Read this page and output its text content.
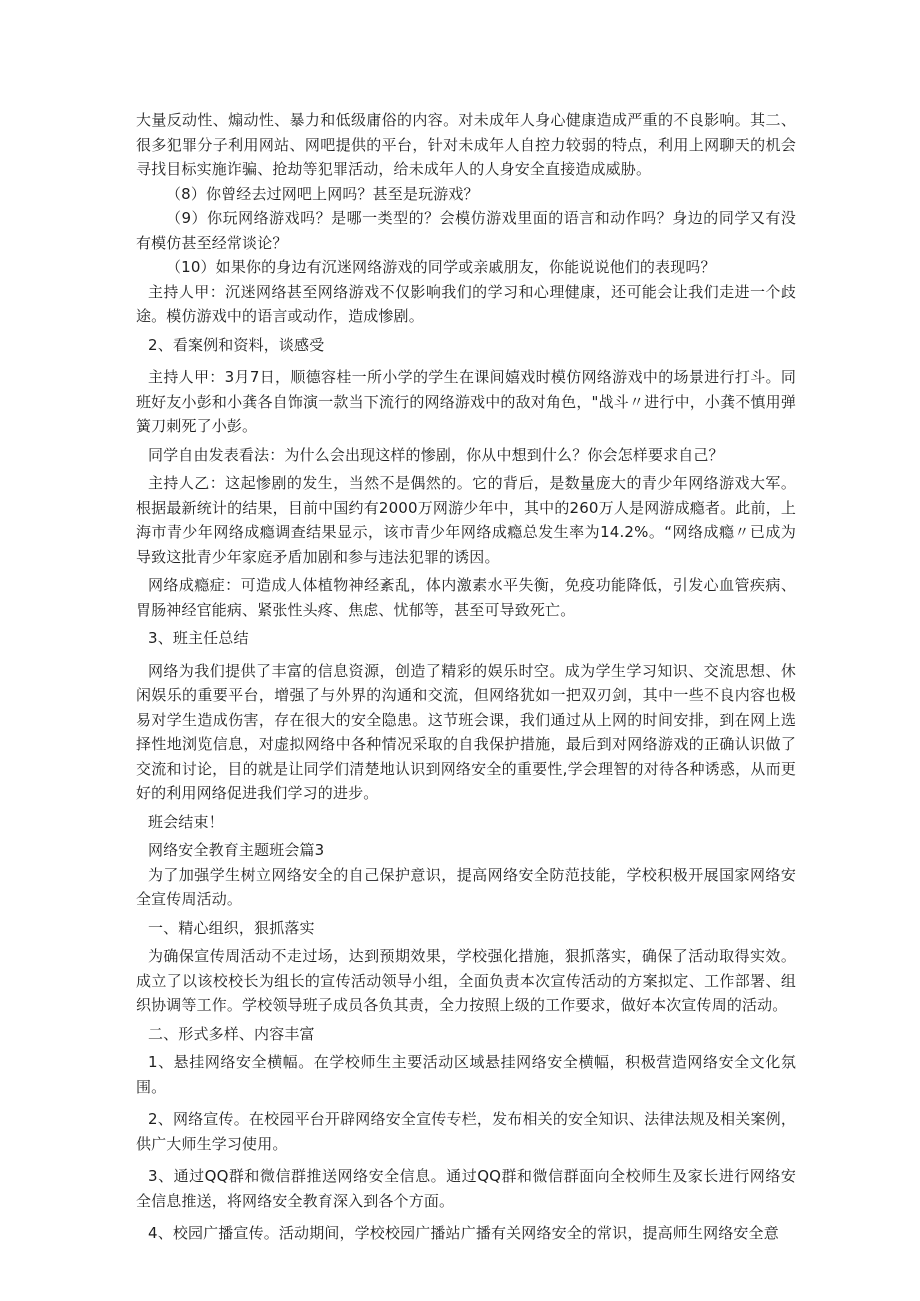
大量反动性、煽动性、暴力和低级庸俗的内容。对未成年人身心健康造成严重的不良影响。其二、很多犯罪分子利用网站、网吧提供的平台，针对未成年人自控力较弱的特点，利用上网聊天的机会寻找目标实施诈骗、抢劫等犯罪活动，给未成年人的人身安全直接造成威胁。

（8）你曾经去过网吧上网吗？甚至是玩游戏？

（9）你玩网络游戏吗？是哪一类型的？会模仿游戏里面的语言和动作吗？身边的同学又有没有模仿甚至经常谈论？

（10）如果你的身边有沉迷网络游戏的同学或亲戚朋友，你能说说他们的表现吗？

主持人甲：沉迷网络甚至网络游戏不仅影响我们的学习和心理健康，还可能会让我们走进一个歧途。模仿游戏中的语言或动作，造成惨剧。

2、看案例和资料，谈感受

主持人甲：3月7日，顺德容桂一所小学的学生在课间嬉戏时模仿网络游戏中的场景进行打斗。同班好友小彭和小龚各自饰演一款当下流行的网络游戏中的敌对角色，"战斗〃进行中，小龚不慎用弹簧刀刺死了小彭。

同学自由发表看法：为什么会出现这样的惨剧，你从中想到什么？你会怎样要求自己？

主持人乙：这起惨剧的发生，当然不是偶然的。它的背后，是数量庞大的青少年网络游戏大军。根据最新统计的结果，目前中国约有2000万网游少年中，其中的260万人是网游成瘾者。此前，上海市青少年网络成瘾调查结果显示，该市青少年网络成瘾总发生率为14.2%。“网络成瘾〃已成为导致这批青少年家庭矛盾加剧和参与违法犯罪的诱因。

网络成瘾症：可造成人体植物神经紊乱，体内激素水平失衡，免疫功能降低，引发心血管疾病、胃肠神经官能病、紧张性头疼、焦虑、忧郁等，甚至可导致死亡。

3、班主任总结

网络为我们提供了丰富的信息资源，创造了精彩的娱乐时空。成为学生学习知识、交流思想、休闲娱乐的重要平台，增强了与外界的沟通和交流，但网络犹如一把双刃剑，其中一些不良内容也极易对学生造成伤害，存在很大的安全隐患。这节班会课，我们通过从上网的时间安排，到在网上选择性地浏览信息，对虚拟网络中各种情况采取的自我保护措施，最后到对网络游戏的正确认识做了交流和讨论，目的就是让同学们清楚地认识到网络安全的重要性,学会理智的对待各种诱惑，从而更好的利用网络促进我们学习的进步。

班会结束！

网络安全教育主题班会篇3

为了加强学生树立网络安全的自己保护意识，提高网络安全防范技能，学校积极开展国家网络安全宣传周活动。

一、精心组织，狠抓落实

为确保宣传周活动不走过场，达到预期效果，学校强化措施，狠抓落实，确保了活动取得实效。成立了以该校校长为组长的宣传活动领导小组，全面负责本次宣传活动的方案拟定、工作部署、组织协调等工作。学校领导班子成员各负其责，全力按照上级的工作要求，做好本次宣传周的活动。

二、形式多样、内容丰富

1、悬挂网络安全横幅。在学校师生主要活动区域悬挂网络安全横幅，积极营造网络安全文化氛围。

2、网络宣传。在校园平台开辟网络安全宣传专栏，发布相关的安全知识、法律法规及相关案例，供广大师生学习使用。

3、通过QQ群和微信群推送网络安全信息。通过QQ群和微信群面向全校师生及家长进行网络安全信息推送，将网络安全教育深入到各个方面。

4、校园广播宣传。活动期间，学校校园广播站广播有关网络安全的常识，提高师生网络安全意
